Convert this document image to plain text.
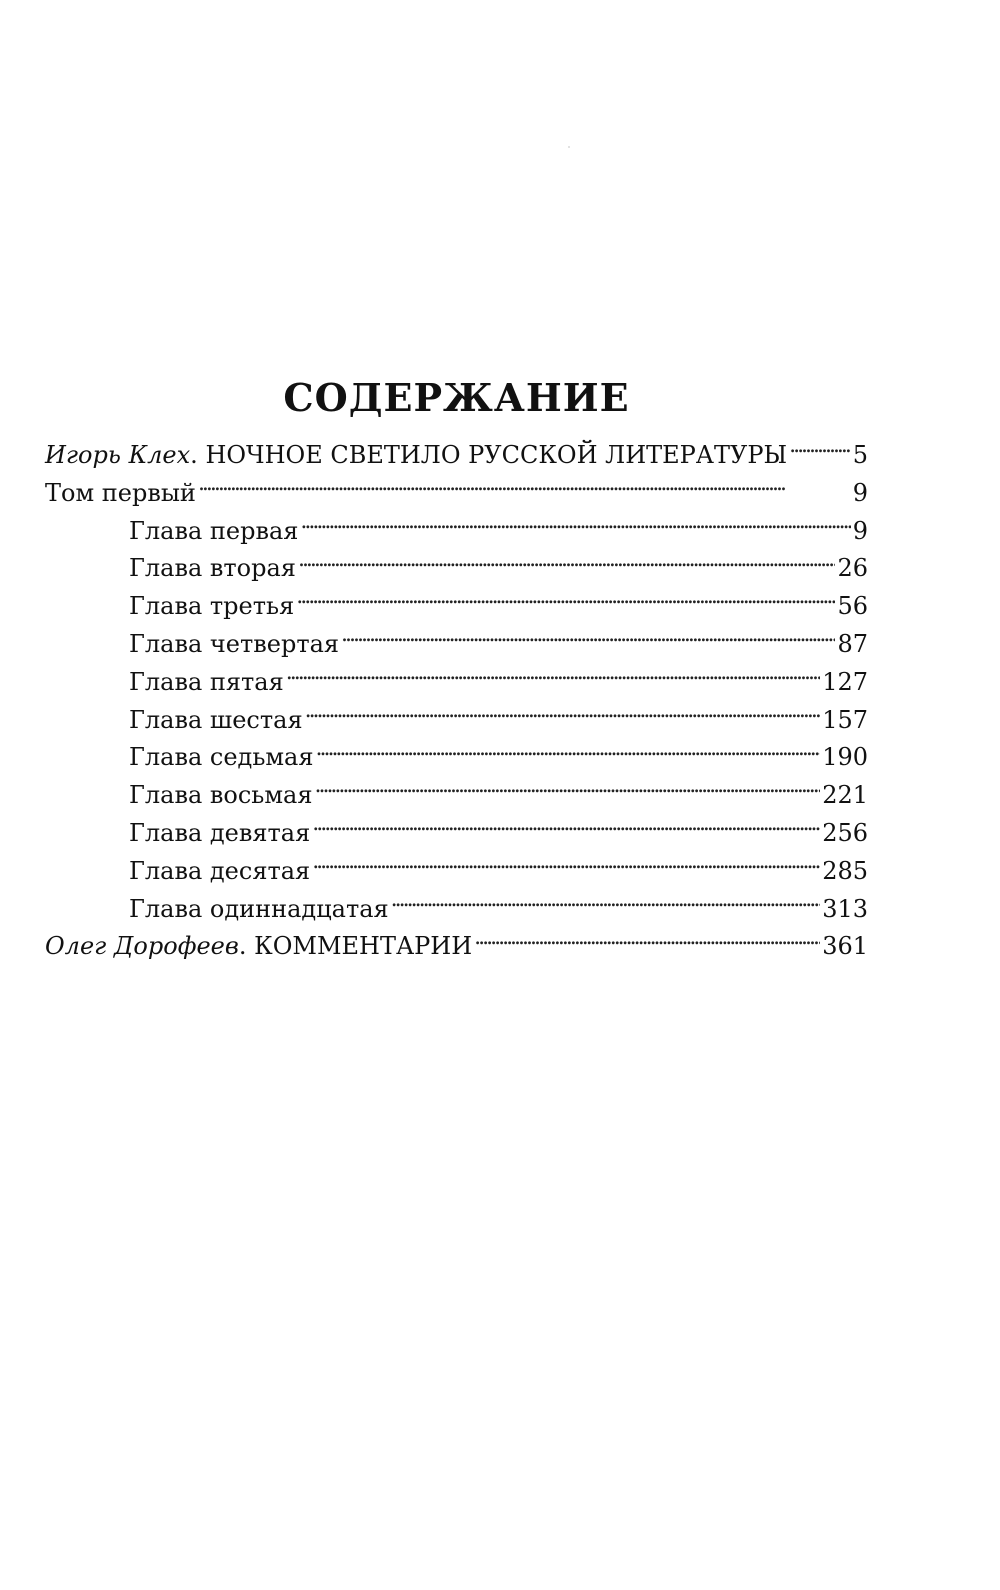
СОДЕРЖАНИЕ
Игорь Клех . НОЧНОЕ СВЕТИЛО РУССКОЙ ЛИТЕРАТУРЫ . . .	5
Том первый . . .	9
Глава первая . . .	9
Глава вторая . . .	26
Глава третья . . .	56
Глава четвертая . . .	87
Глава пятая . . .	127
Глава шестая . . .	157
Глава седьмая . . .	190
Глава восьмая . . .	221
Глава девятая . . .	256
Глава десятая . . .	285
Глава одиннадцатая . . .	313
Олег Дорофеев . КОММЕНТАРИИ . . .	361
